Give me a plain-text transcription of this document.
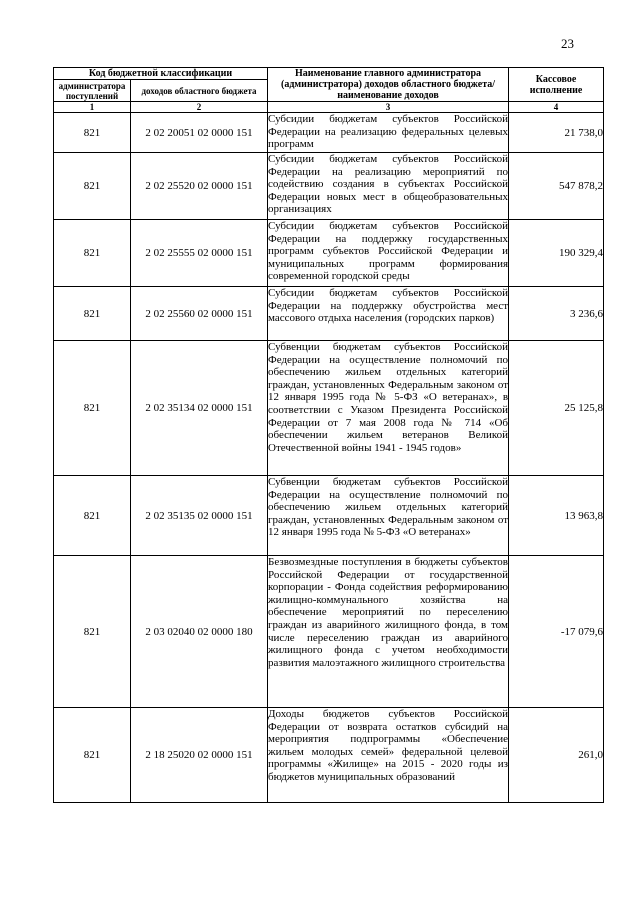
23
Код бюджетной классификации		Наименование главного администратора (администратора) доходов областного бюджета/ наименование доходов	Кассовое исполнение
администратора поступлений	доходов областного бюджета		
1	2	3	4
821	2 02 20051 02 0000 151	Субсидии бюджетам субъектов Российской Федерации на реализацию федеральных целевых программ	21 738,0
821	2 02 25520 02 0000 151	Субсидии бюджетам субъектов Российской Федерации на реализацию мероприятий по содействию создания в субъектах Российской Федерации новых мест в общеобразовательных организациях	547 878,2
821	2 02 25555 02 0000 151	Субсидии бюджетам субъектов Российской Федерации на поддержку государственных программ субъектов Российской Федерации и муниципальных программ формирования современной городской среды	190 329,4
821	2 02 25560 02 0000 151	Субсидии бюджетам субъектов Российской Федерации на поддержку обустройства мест массового отдыха населения (городских парков)	3 236,6
821	2 02 35134 02 0000 151	Субвенции бюджетам субъектов Российской Федерации на осуществление полномочий по обеспечению жильем отдельных категорий граждан, установленных Федеральным законом от 12 января 1995 года № 5-ФЗ «О ветеранах», в соответствии с Указом Президента Российской Федерации от 7 мая 2008 года № 714 «Об обеспечении жильем ветеранов Великой Отечественной войны 1941 - 1945 годов»	25 125,8
821	2 02 35135 02 0000 151	Субвенции бюджетам субъектов Российской Федерации на осуществление полномочий по обеспечению жильем отдельных категорий граждан, установленных Федеральным законом от 12 января 1995 года № 5-ФЗ «О ветеранах»	13 963,8
821	2 03 02040 02 0000 180	Безвозмездные поступления в бюджеты субъектов Российской Федерации от государственной корпорации - Фонда содействия реформированию жилищно-коммунального хозяйства на обеспечение мероприятий по переселению граждан из аварийного жилищного фонда, в том числе переселению граждан из аварийного жилищного фонда с учетом необходимости развития малоэтажного жилищного строительства	-17 079,6
821	2 18 25020 02 0000 151	Доходы бюджетов субъектов Российской Федерации от возврата остатков субсидий на мероприятия подпрограммы «Обеспечение жильем молодых семей» федеральной целевой программы «Жилище» на 2015 - 2020 годы из бюджетов муниципальных образований	261,0
